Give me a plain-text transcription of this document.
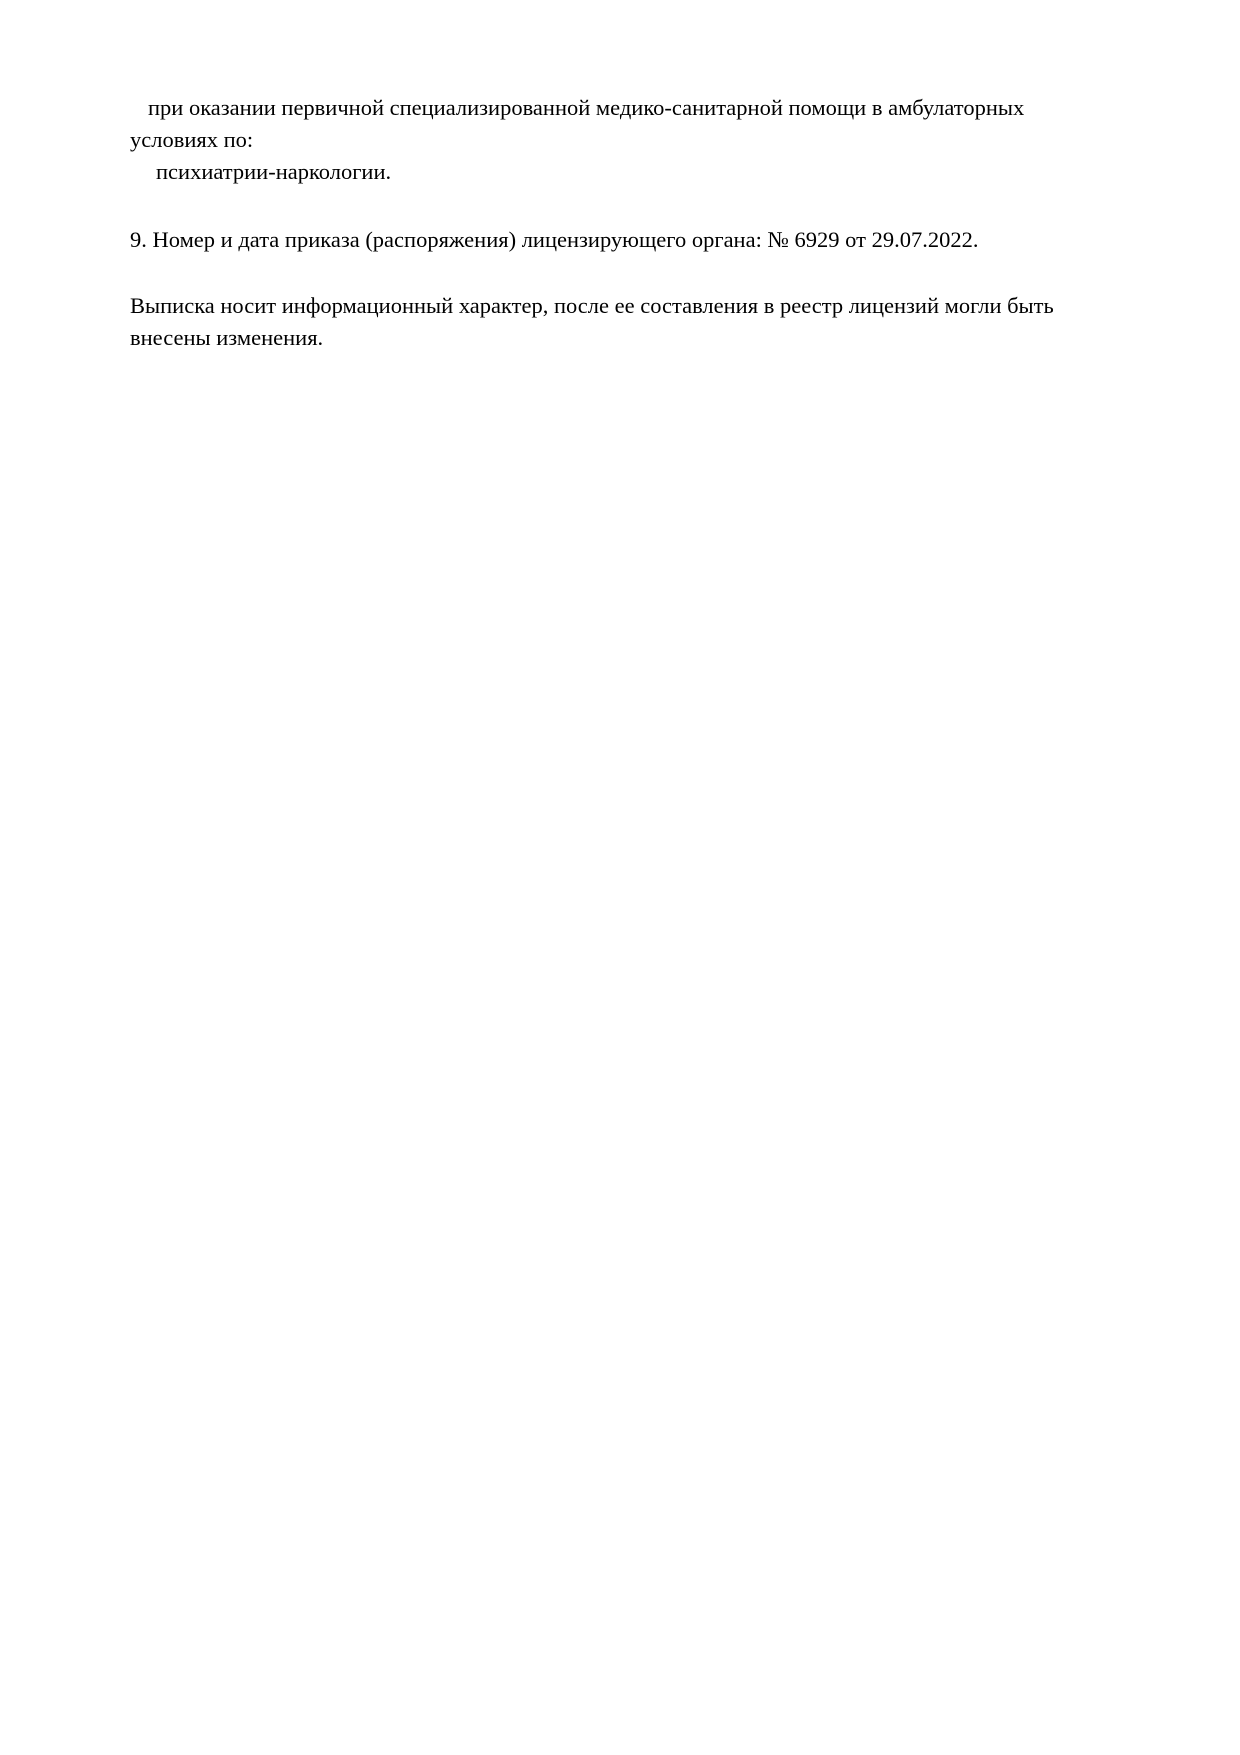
при оказании первичной специализированной медико-санитарной помощи в амбулаторных условиях по:

психиатрии-наркологии.

9. Номер и дата приказа (распоряжения) лицензирующего органа: № 6929 от 29.07.2022.

Выписка носит информационный характер, после ее составления в реестр лицензий могли быть внесены изменения.
